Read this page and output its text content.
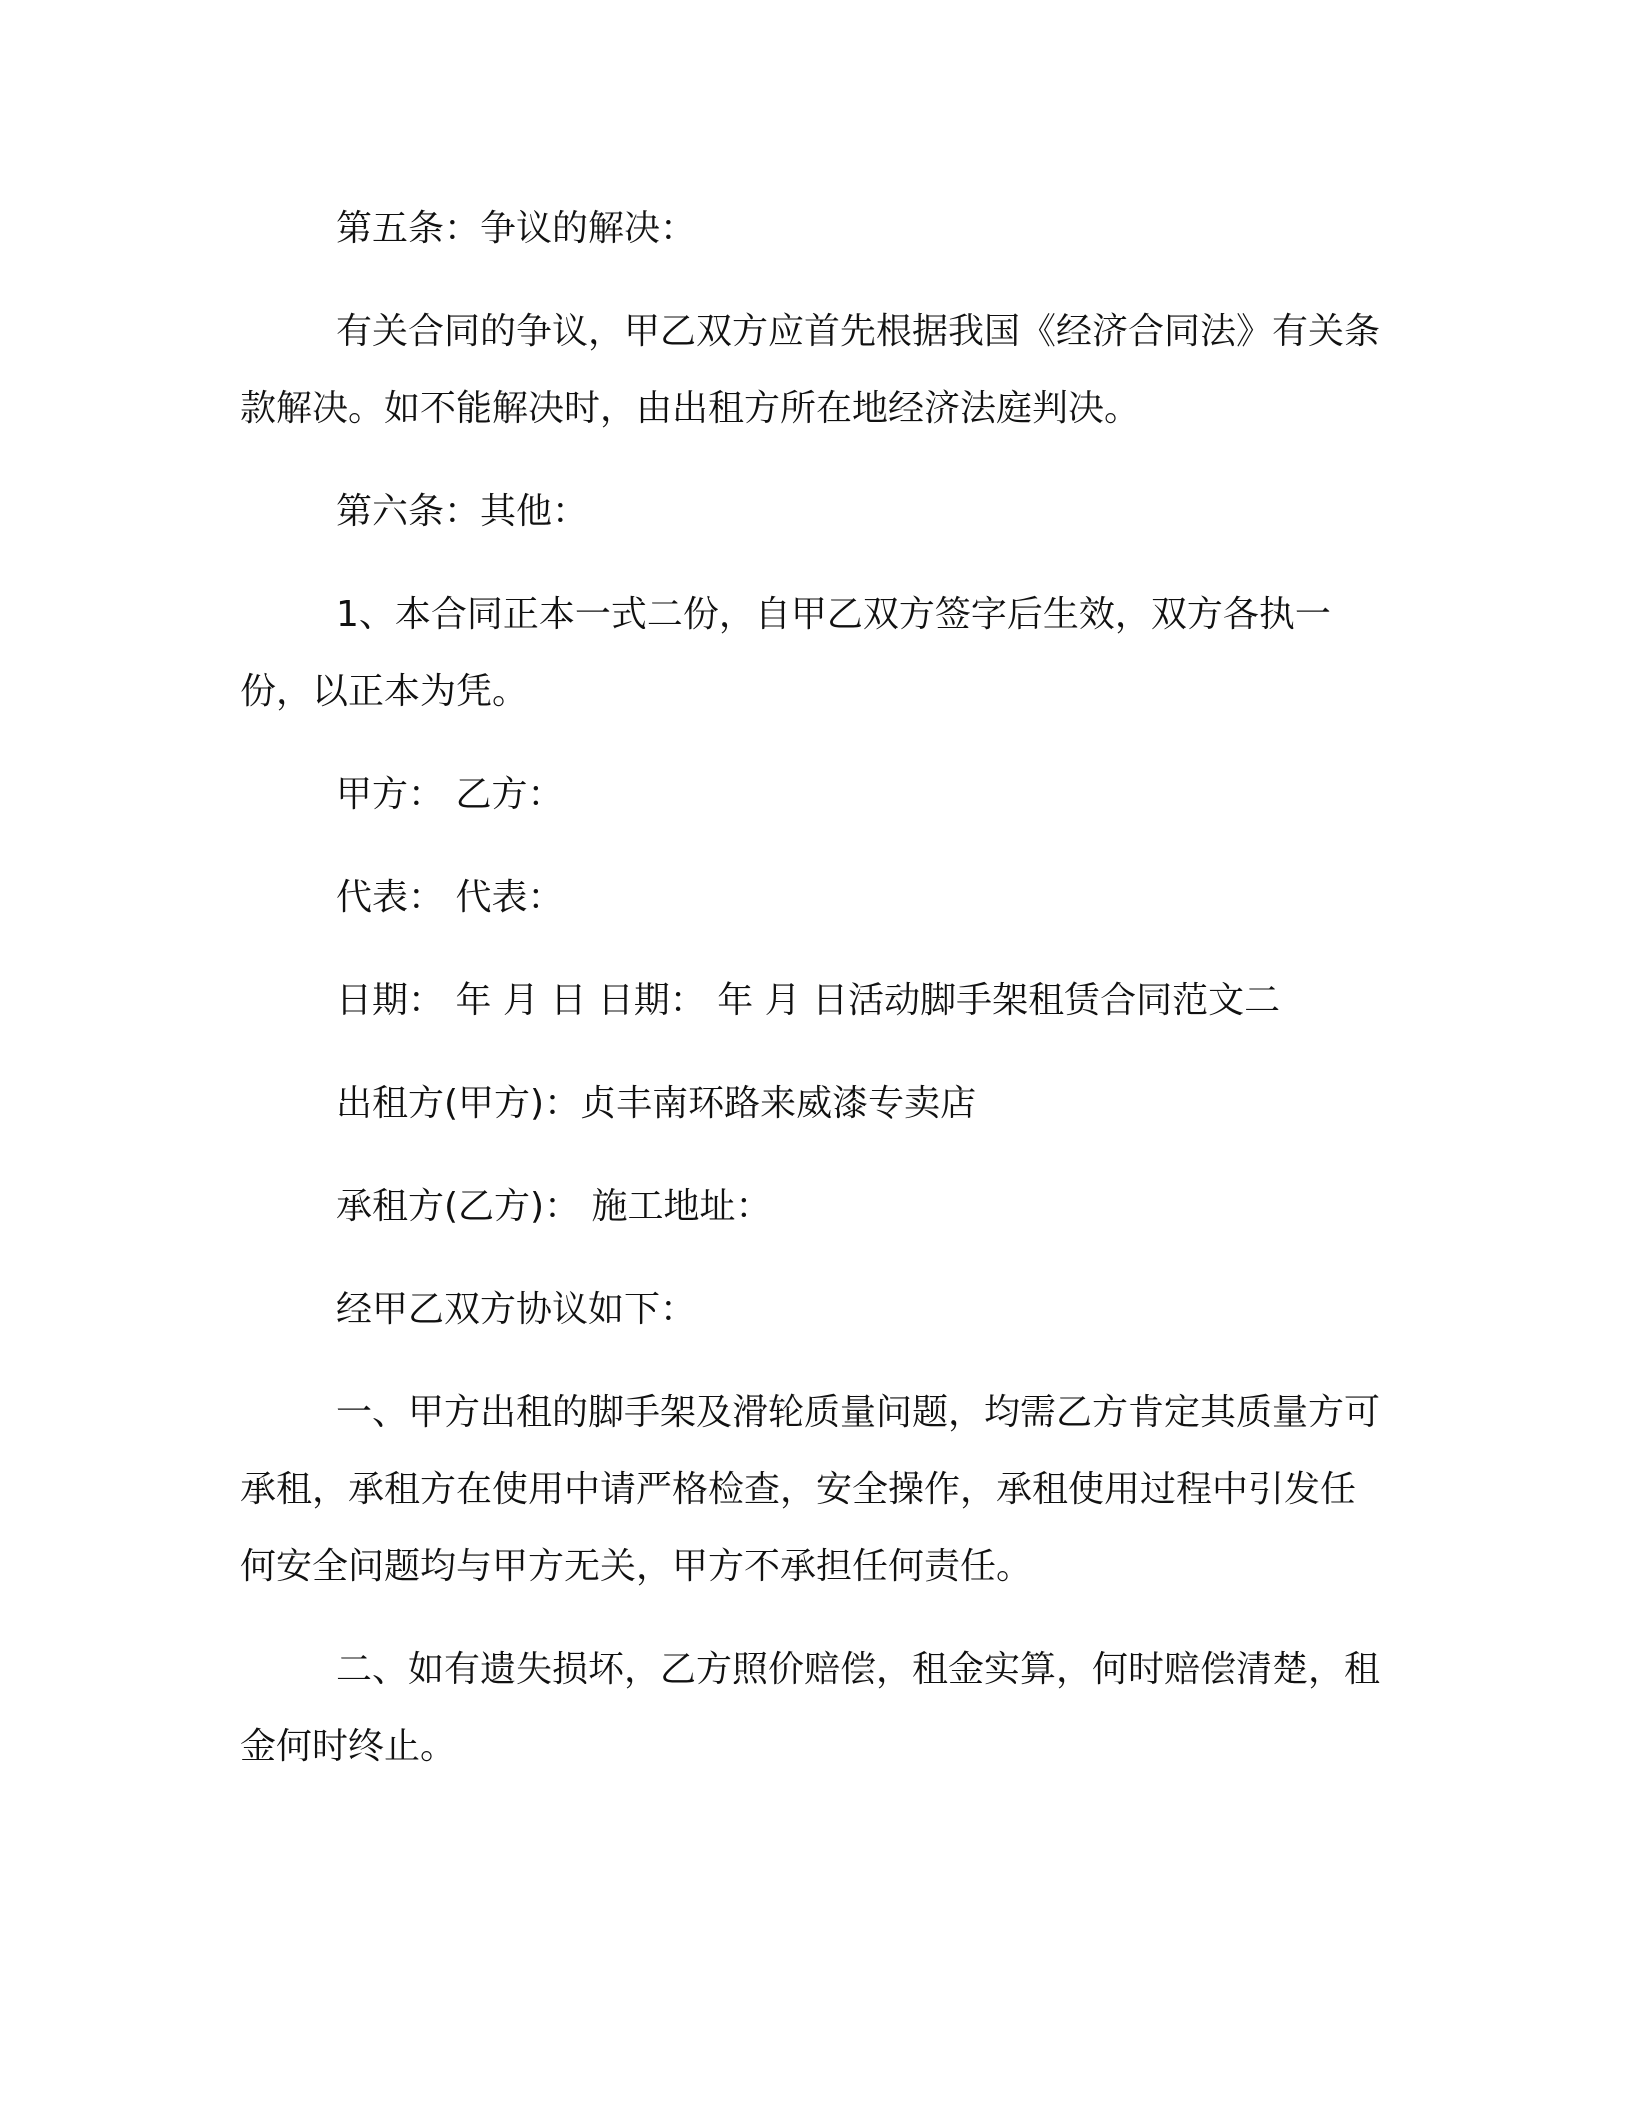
第五条：争议的解决：

有关合同的争议，甲乙双方应首先根据我国《经济合同法》有关条款解决。如不能解决时，由出租方所在地经济法庭判决。

第六条：其他：

1、本合同正本一式二份，自甲乙双方签字后生效，双方各执一份，以正本为凭。

甲方： 乙方：

代表： 代表：

日期： 年 月 日 日期： 年 月 日活动脚手架租赁合同范文二

出租方(甲方)：贞丰南环路来威漆专卖店

承租方(乙方)： 施工地址：

经甲乙双方协议如下：

一、甲方出租的脚手架及滑轮质量问题，均需乙方肯定其质量方可承租，承租方在使用中请严格检查，安全操作，承租使用过程中引发任何安全问题均与甲方无关，甲方不承担任何责任。

二、如有遗失损坏，乙方照价赔偿，租金实算，何时赔偿清楚，租金何时终止。
